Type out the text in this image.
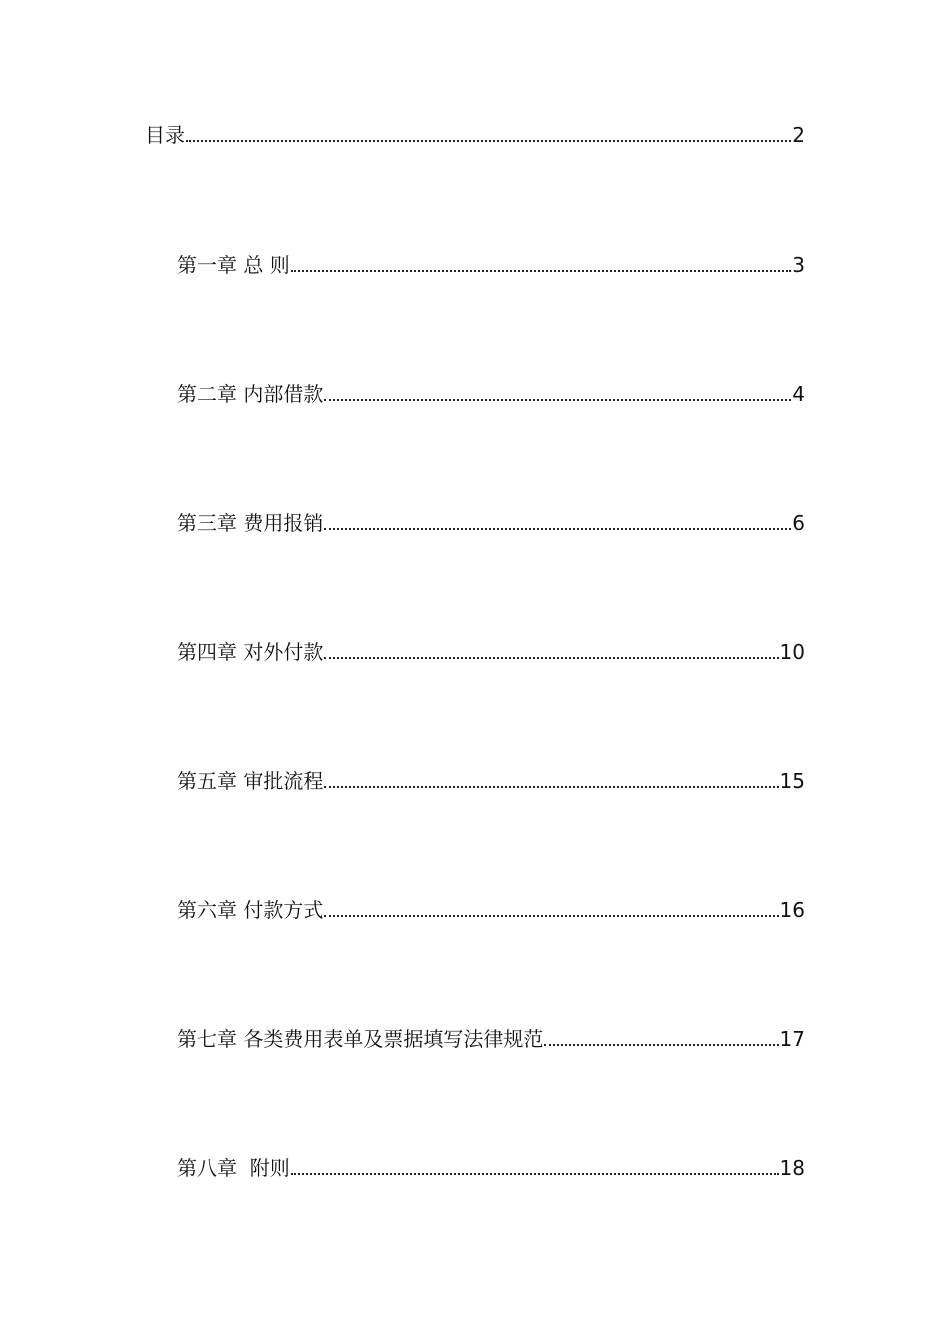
目录	2
第一章 总 则	3
第二章 内部借款	4
第三章 费用报销	6
第四章 对外付款	10
第五章 审批流程	15
第六章 付款方式	16
第七章 各类费用表单及票据填写法律规范	17
第八章  附则	18
